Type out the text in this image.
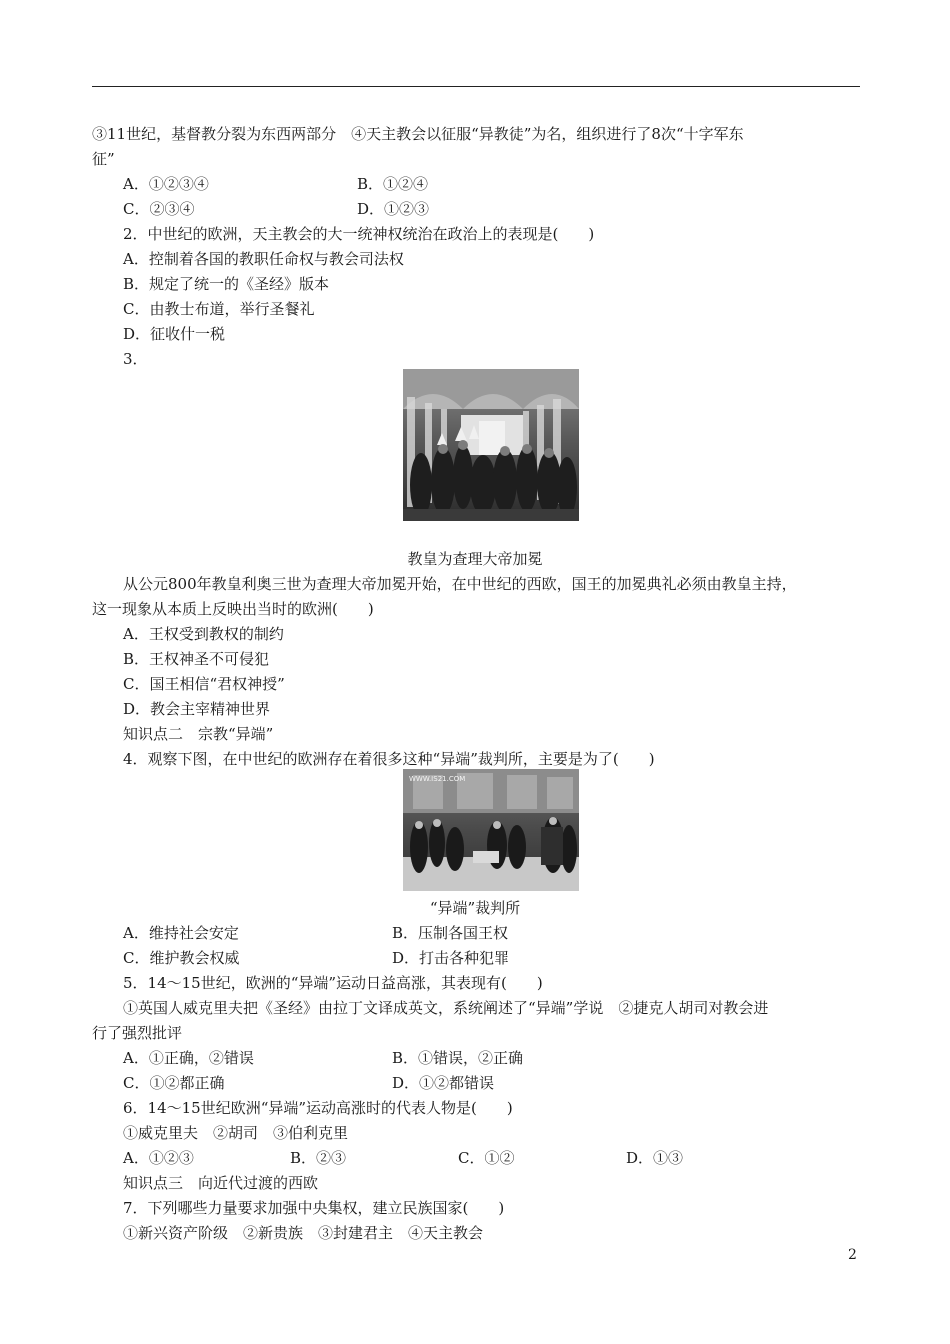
③11世纪，基督教分裂为东西两部分　④天主教会以征服“异教徒”为名，组织进行了8次“十字军东
征”
A．①②③④	B．①②④
C．②③④	D．①②③
2．中世纪的欧洲，天主教会的大一统神权统治在政治上的表现是(　　)
A．控制着各国的教职任命权与教会司法权
B．规定了统一的《圣经》版本
C．由教士布道，举行圣餐礼
D．征收什一税
3．
教皇为查理大帝加冕
从公元800年教皇利奥三世为查理大帝加冕开始，在中世纪的西欧，国王的加冕典礼必须由教皇主持，
这一现象从本质上反映出当时的欧洲(　　)
A．王权受到教权的制约
B．王权神圣不可侵犯
C．国王相信“君权神授”
D．教会主宰精神世界
知识点二　宗教“异端”
4．观察下图，在中世纪的欧洲存在着很多这种“异端”裁判所，主要是为了(　　)
WWW.IS21.COM
“异端”裁判所
A．维持社会安定	B．压制各国王权
C．维护教会权威	D．打击各种犯罪
5．14～15世纪，欧洲的“异端”运动日益高涨，其表现有(　　)
①英国人威克里夫把《圣经》由拉丁文译成英文，系统阐述了“异端”学说　②捷克人胡司对教会进
行了强烈批评
A．①正确，②错误	B．①错误，②正确
C．①②都正确	D．①②都错误
6．14～15世纪欧洲“异端”运动高涨时的代表人物是(　　)
①威克里夫　②胡司　③伯利克里
A．①②③	B．②③	C．①②	D．①③
知识点三　向近代过渡的西欧
7．下列哪些力量要求加强中央集权，建立民族国家(　　)
①新兴资产阶级　②新贵族　③封建君主　④天主教会
2
